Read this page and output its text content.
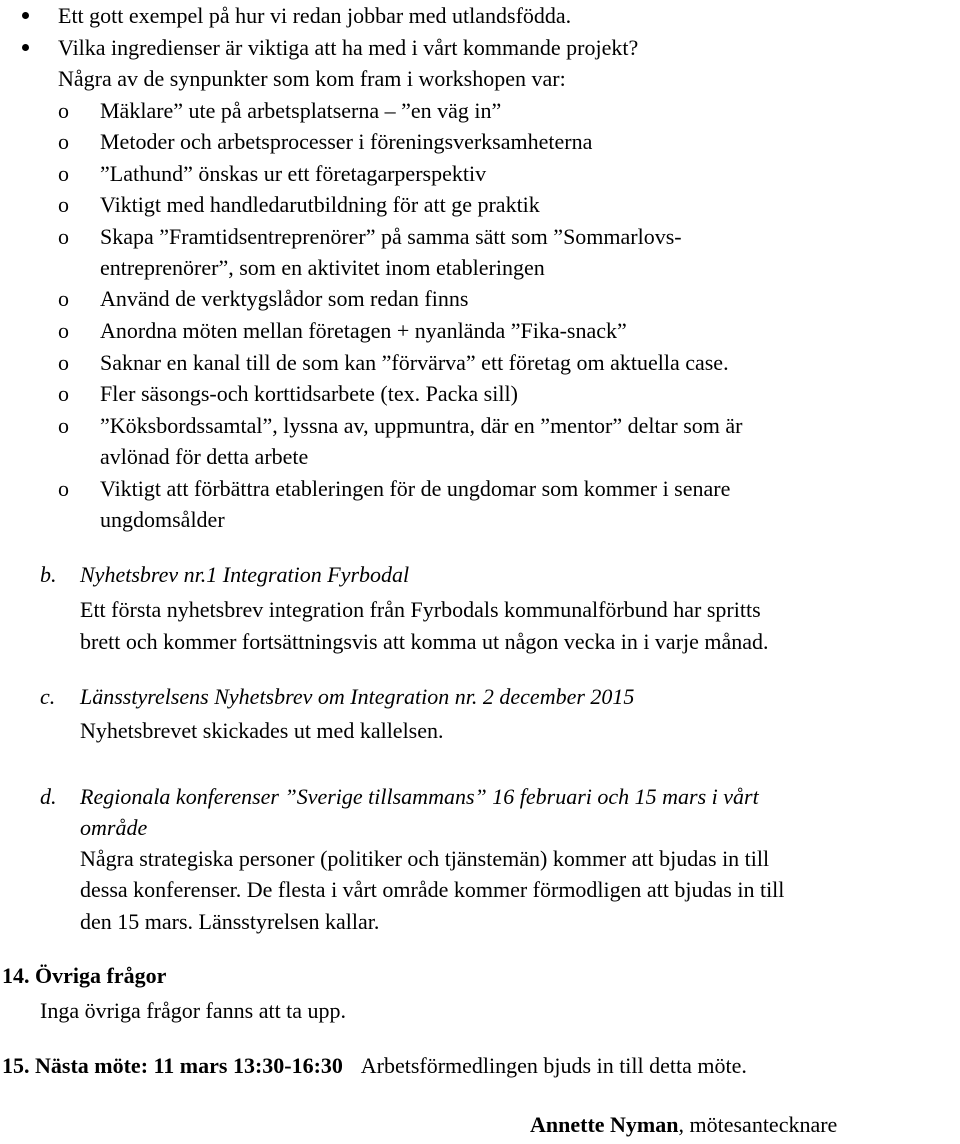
Ett gott exempel på hur vi redan jobbar med utlandsfödda.
Vilka ingredienser är viktiga att ha med i vårt kommande projekt?
Några av de synpunkter som kom fram i workshopen var:
o Mäklare” ute på arbetsplatserna – ”en väg in”
o Metoder och arbetsprocesser i föreningsverksamheterna
o ”Lathund” önskas ur ett företagarperspektiv
o Viktigt med handledarutbildning för att ge praktik
o Skapa ”Framtidsentreprenörer” på samma sätt som ”Sommarlovs-
entreprenörer”, som en aktivitet inom etableringen
o Använd de verktygslådor som redan finns
o Anordna möten mellan företagen + nyanlända ”Fika-snack”
o Saknar en kanal till de som kan ”förvärva” ett företag om aktuella case.
o Fler säsongs-och korttidsarbete (tex. Packa sill)
o ”Köksbordssamtal”, lyssna av, uppmuntra, där en ”mentor” deltar som är
avlönad för detta arbete
o Viktigt att förbättra etableringen för de ungdomar som kommer i senare
ungdomsålder
b. Nyhetsbrev nr.1 Integration Fyrbodal
Ett första nyhetsbrev integration från Fyrbodals kommunalförbund har spritts
brett och kommer fortsättningsvis att komma ut någon vecka in i varje månad.
c. Länsstyrelsens Nyhetsbrev om Integration nr. 2 december 2015
Nyhetsbrevet skickades ut med kallelsen.
d. Regionala konferenser ”Sverige tillsammans” 16 februari och 15 mars i vårt
område
Några strategiska personer (politiker och tjänstemän) kommer att bjudas in till
dessa konferenser. De flesta i vårt område kommer förmodligen att bjudas in till
den 15 mars. Länsstyrelsen kallar.
14. Övriga frågor
Inga övriga frågor fanns att ta upp.
15. Nästa möte: 11 mars 13:30-16:30 Arbetsförmedlingen bjuds in till detta möte.
Annette Nyman, mötesantecknare
